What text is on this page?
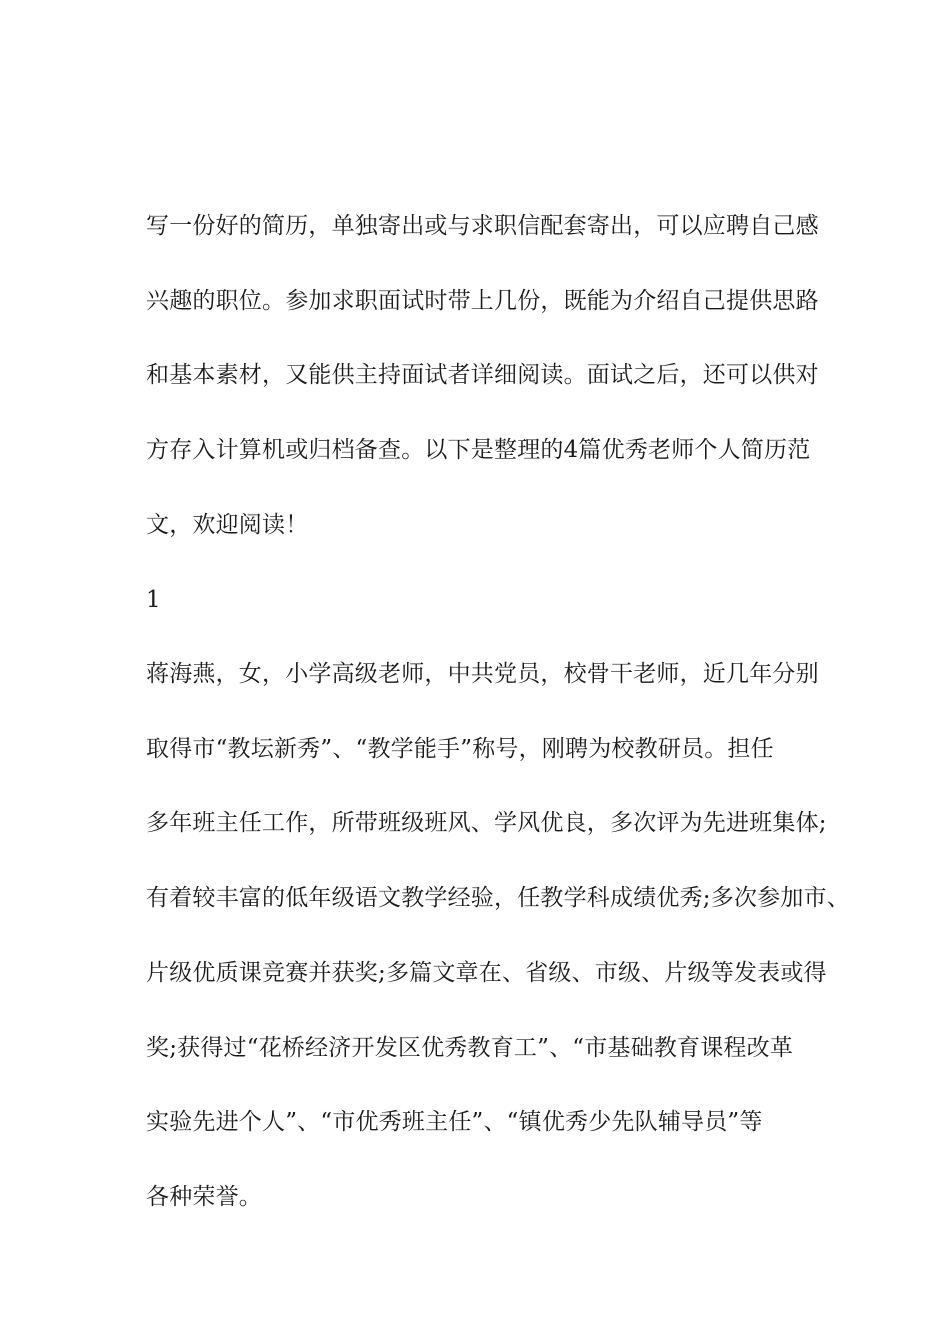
写一份好的简历，单独寄出或与求职信配套寄出，可以应聘自己感
兴趣的职位。参加求职面试时带上几份，既能为介绍自己提供思路
和基本素材，又能供主持面试者详细阅读。面试之后，还可以供对
方存入计算机或归档备查。以下是整理的4篇优秀老师个人简历范
文，欢迎阅读！
1
蒋海燕，女，小学高级老师，中共党员，校骨干老师，近几年分别
取得市“教坛新秀”、“教学能手”称号，刚聘为校教研员。担任
多年班主任工作，所带班级班风、学风优良，多次评为先进班集体;
有着较丰富的低年级语文教学经验，任教学科成绩优秀;多次参加市、
片级优质课竞赛并获奖;多篇文章在、省级、市级、片级等发表或得
奖;获得过“花桥经济开发区优秀教育工”、“市基础教育课程改革
实验先进个人”、“市优秀班主任”、“镇优秀少先队辅导员”等
各种荣誉。
